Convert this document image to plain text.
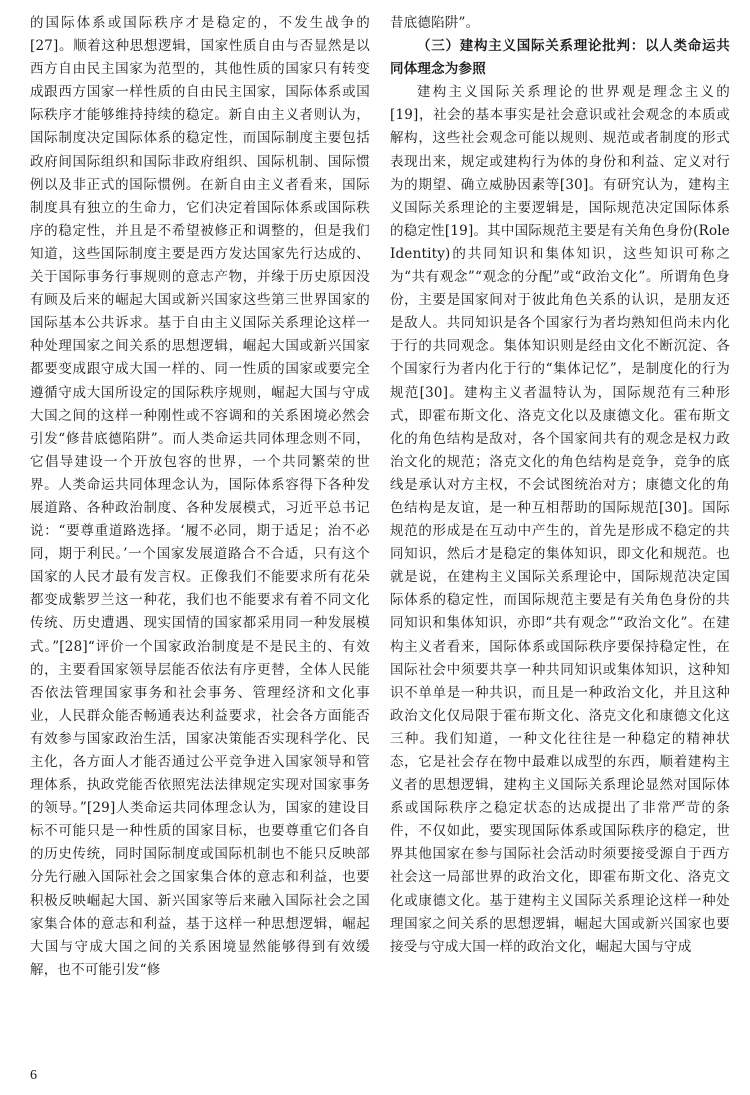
的国际体系或国际秩序才是稳定的，不发生战争的[27]。顺着这种思想逻辑，国家性质自由与否显然是以西方自由民主国家为范型的，其他性质的国家只有转变成跟西方国家一样性质的自由民主国家，国际体系或国际秩序才能够维持持续的稳定。新自由主义者则认为，国际制度决定国际体系的稳定性，而国际制度主要包括政府间国际组织和国际非政府组织、国际机制、国际惯例以及非正式的国际惯例。在新自由主义者看来，国际制度具有独立的生命力，它们决定着国际体系或国际秩序的稳定性，并且是不希望被修正和调整的，但是我们知道，这些国际制度主要是西方发达国家先行达成的、关于国际事务行事规则的意志产物，并缘于历史原因没有顾及后来的崛起大国或新兴国家这些第三世界国家的国际基本公共诉求。基于自由主义国际关系理论这样一种处理国家之间关系的思想逻辑，崛起大国或新兴国家都要变成跟守成大国一样的、同一性质的国家或要完全遵循守成大国所设定的国际秩序规则，崛起大国与守成大国之间的这样一种刚性或不容调和的关系困境必然会引发“修昔底德陷阱”。而人类命运共同体理念则不同，它倡导建设一个开放包容的世界，一个共同繁荣的世界。人类命运共同体理念认为，国际体系容得下各种发展道路、各种政治制度、各种发展模式，习近平总书记说：“要尊重道路选择。‘履不必同，期于适足；治不必同，期于利民。’一个国家发展道路合不合适，只有这个国家的人民才最有发言权。正像我们不能要求所有花朵都变成紫罗兰这一种花，我们也不能要求有着不同文化传统、历史遭遇、现实国情的国家都采用同一种发展模式。”[28]“评价一个国家政治制度是不是民主的、有效的，主要看国家领导层能否依法有序更替，全体人民能否依法管理国家事务和社会事务、管理经济和文化事业，人民群众能否畅通表达利益要求，社会各方面能否有效参与国家政治生活，国家决策能否实现科学化、民主化，各方面人才能否通过公平竞争进入国家领导和管理体系，执政党能否依照宪法法律规定实现对国家事务的领导。”[29]人类命运共同体理念认为，国家的建设目标不可能只是一种性质的国家目标，也要尊重它们各自的历史传统，同时国际制度或国际机制也不能只反映部分先行融入国际社会之国家集合体的意志和利益，也要积极反映崛起大国、新兴国家等后来融入国际社会之国家集合体的意志和利益，基于这样一种思想逻辑，崛起大国与守成大国之间的关系困境显然能够得到有效缓解，也不可能引发“修

昔底德陷阱”。

（三）建构主义国际关系理论批判：以人类命运共同体理念为参照

建构主义国际关系理论的世界观是理念主义的[19]，社会的基本事实是社会意识或社会观念的本质或解构，这些社会观念可能以规则、规范或者制度的形式表现出来，规定或建构行为体的身份和利益、定义对行为的期望、确立威胁因素等[30]。有研究认为，建构主义国际关系理论的主要逻辑是，国际规范决定国际体系的稳定性[19]。其中国际规范主要是有关角色身份(Role Identity)的共同知识和集体知识，这些知识可称之为“共有观念”“观念的分配”或“政治文化”。所谓角色身份，主要是国家间对于彼此角色关系的认识，是朋友还是敌人。共同知识是各个国家行为者均熟知但尚未内化于行的共同观念。集体知识则是经由文化不断沉淀、各个国家行为者内化于行的“集体记忆”，是制度化的行为规范[30]。建构主义者温特认为，国际规范有三种形式，即霍布斯文化、洛克文化以及康德文化。霍布斯文化的角色结构是敌对，各个国家间共有的观念是权力政治文化的规范；洛克文化的角色结构是竞争，竞争的底线是承认对方主权，不会试图统治对方；康德文化的角色结构是友谊，是一种互相帮助的国际规范[30]。国际规范的形成是在互动中产生的，首先是形成不稳定的共同知识，然后才是稳定的集体知识，即文化和规范。也就是说，在建构主义国际关系理论中，国际规范决定国际体系的稳定性，而国际规范主要是有关角色身份的共同知识和集体知识，亦即“共有观念”“政治文化”。在建构主义者看来，国际体系或国际秩序要保持稳定性，在国际社会中须要共享一种共同知识或集体知识，这种知识不单单是一种共识，而且是一种政治文化，并且这种政治文化仅局限于霍布斯文化、洛克文化和康德文化这三种。我们知道，一种文化往往是一种稳定的精神状态，它是社会存在物中最难以成型的东西，顺着建构主义者的思想逻辑，建构主义国际关系理论显然对国际体系或国际秩序之稳定状态的达成提出了非常严苛的条件，不仅如此，要实现国际体系或国际秩序的稳定，世界其他国家在参与国际社会活动时须要接受源自于西方社会这一局部世界的政治文化，即霍布斯文化、洛克文化或康德文化。基于建构主义国际关系理论这样一种处理国家之间关系的思想逻辑，崛起大国或新兴国家也要接受与守成大国一样的政治文化，崛起大国与守成

6
